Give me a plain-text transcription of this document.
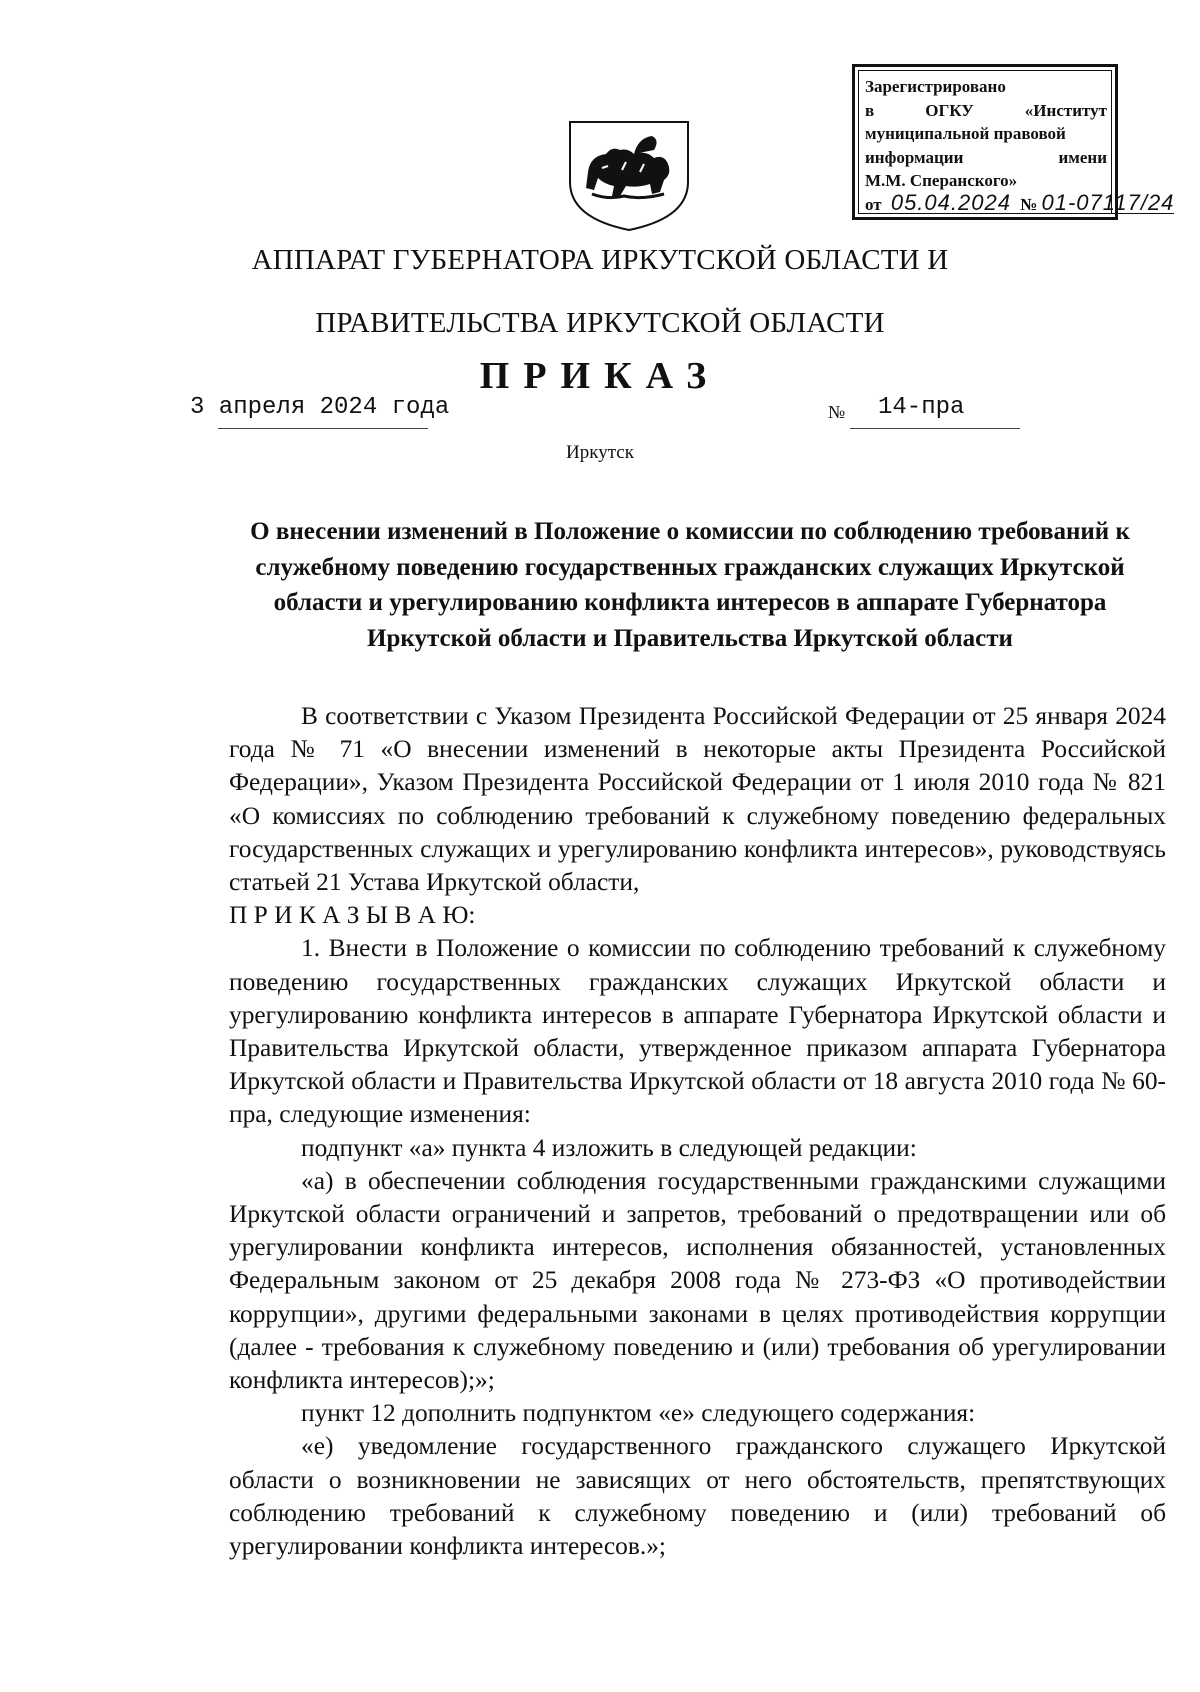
Зарегистрировано
в	ОГКУ	«Институт
муниципальной правовой
информации	имени
М.М. Сперанского»
от 05.04.2024 № 01-07117/24
АППАРАТ ГУБЕРНАТОРА ИРКУТСКОЙ ОБЛАСТИ И
ПРАВИТЕЛЬСТВА ИРКУТСКОЙ ОБЛАСТИ
ПРИКАЗ
3 апреля 2024 года	№ 14-пра
Иркутск
О внесении изменений в Положение о комиссии по соблюдению требований к служебному поведению государственных гражданских служащих Иркутской области и урегулированию конфликта интересов в аппарате Губернатора Иркутской области и Правительства Иркутской области

В соответствии с Указом Президента Российской Федерации от 25 января 2024 года № 71 «О внесении изменений в некоторые акты Президента Российской Федерации», Указом Президента Российской Федерации от 1 июля 2010 года № 821 «О комиссиях по соблюдению требований к служебному поведению федеральных государственных служащих и урегулированию конфликта интересов», руководствуясь статьей 21 Устава Иркутской области,

П Р И К А З Ы В А Ю:

1. Внести в Положение о комиссии по соблюдению требований к служебному поведению государственных гражданских служащих Иркутской области и урегулированию конфликта интересов в аппарате Губернатора Иркутской области и Правительства Иркутской области, утвержденное приказом аппарата Губернатора Иркутской области и Правительства Иркутской области от 18 августа 2010 года № 60-пра, следующие изменения:

подпункт «а» пункта 4 изложить в следующей редакции:

«а) в обеспечении соблюдения государственными гражданскими служащими Иркутской области ограничений и запретов, требований о предотвращении или об урегулировании конфликта интересов, исполнения обязанностей, установленных Федеральным законом от 25 декабря 2008 года № 273-ФЗ «О противодействии коррупции», другими федеральными законами в целях противодействия коррупции (далее - требования к служебному поведению и (или) требования об урегулировании конфликта интересов);»;

пункт 12 дополнить подпунктом «е» следующего содержания:

«е) уведомление государственного гражданского служащего Иркутской области о возникновении не зависящих от него обстоятельств, препятствующих соблюдению требований к служебному поведению и (или) требований об урегулировании конфликта интересов.»;
